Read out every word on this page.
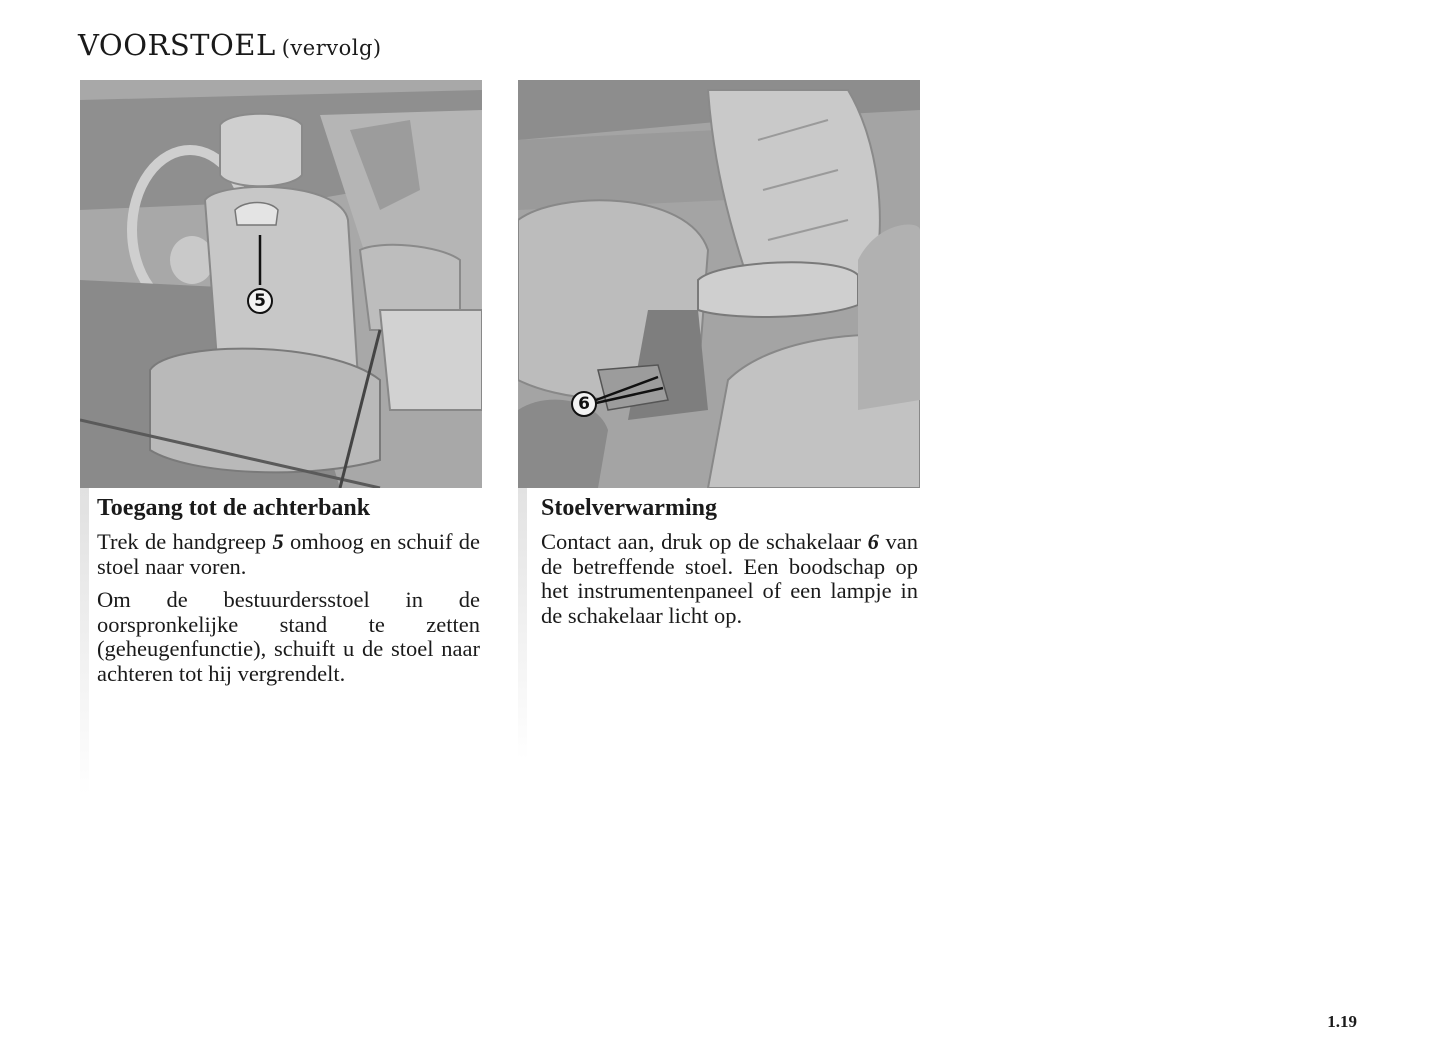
VOORSTOEL (vervolg)
5
Toegang tot de achterbank

Trek de handgreep 5 omhoog en schuif de stoel naar voren.

Om de bestuurdersstoel in de oorspronkelijke stand te zetten (geheugenfunctie), schuift u de stoel naar achteren tot hij vergrendelt.

6
Stoelverwarming

Contact aan, druk op de schakelaar 6 van de betreffende stoel. Een boodschap op het instrumentenpaneel of een lampje in de schakelaar licht op.

1.19
